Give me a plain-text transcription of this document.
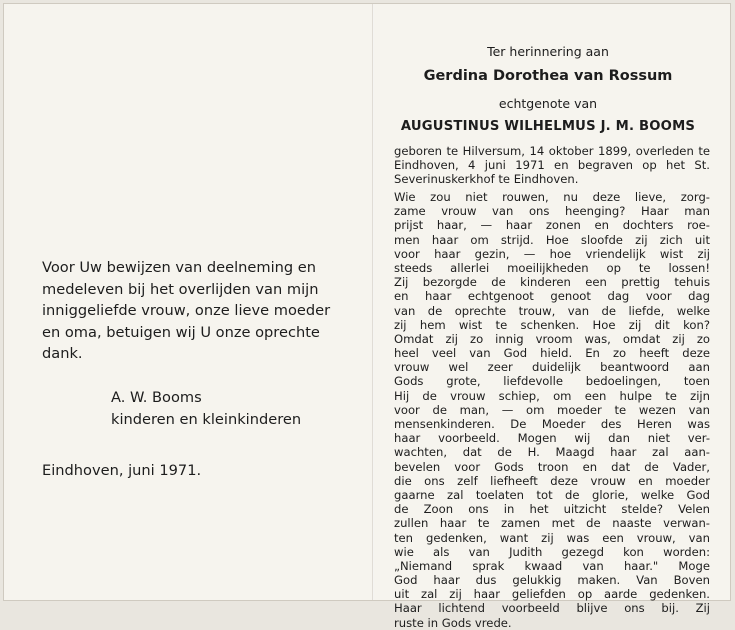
Voor Uw bewijzen van deelneming en medeleven bij het overlijden van mijn inniggeliefde vrouw, onze lieve moeder en oma, betuigen wij U onze oprechte dank.

A. W. Booms
kinderen en kleinkinderen
Eindhoven, juni 1971.
Ter herinnering aan
Gerdina Dorothea van Rossum
echtgenote van
AUGUSTINUS WILHELMUS J. M. BOOMS
geboren te Hilversum, 14 oktober 1899, overleden te Eindhoven, 4 juni 1971 en begraven op het St. Severinuskerkhof te Eindhoven.
Wie zou niet rouwen, nu deze lieve, zorg-
zame vrouw van ons heenging? Haar man
prijst haar, — haar zonen en dochters roe-
men haar om strijd. Hoe sloofde zij zich uit
voor haar gezin, — hoe vriendelijk wist zij
steeds allerlei moeilijkheden op te lossen!
Zij bezorgde de kinderen een prettig tehuis
en haar echtgenoot genoot dag voor dag
van de oprechte trouw, van de liefde, welke
zij hem wist te schenken. Hoe zij dit kon?
Omdat zij zo innig vroom was, omdat zij zo
heel veel van God hield. En zo heeft deze
vrouw wel zeer duidelijk beantwoord aan
Gods grote, liefdevolle bedoelingen, toen
Hij de vrouw schiep, om een hulpe te zijn
voor de man, — om moeder te wezen van
mensenkinderen. De Moeder des Heren was
haar voorbeeld. Mogen wij dan niet ver-
wachten, dat de H. Maagd haar zal aan-
bevelen voor Gods troon en dat de Vader,
die ons zelf liefheeft deze vrouw en moeder
gaarne zal toelaten tot de glorie, welke God
de Zoon ons in het uitzicht stelde? Velen
zullen haar te zamen met de naaste verwan-
ten gedenken, want zij was een vrouw, van
wie als van Judith gezegd kon worden:
„Niemand sprak kwaad van haar." Moge
God haar dus gelukkig maken. Van Boven
uit zal zij haar geliefden op aarde gedenken.
Haar lichtend voorbeeld blijve ons bij. Zij
ruste in Gods vrede.
